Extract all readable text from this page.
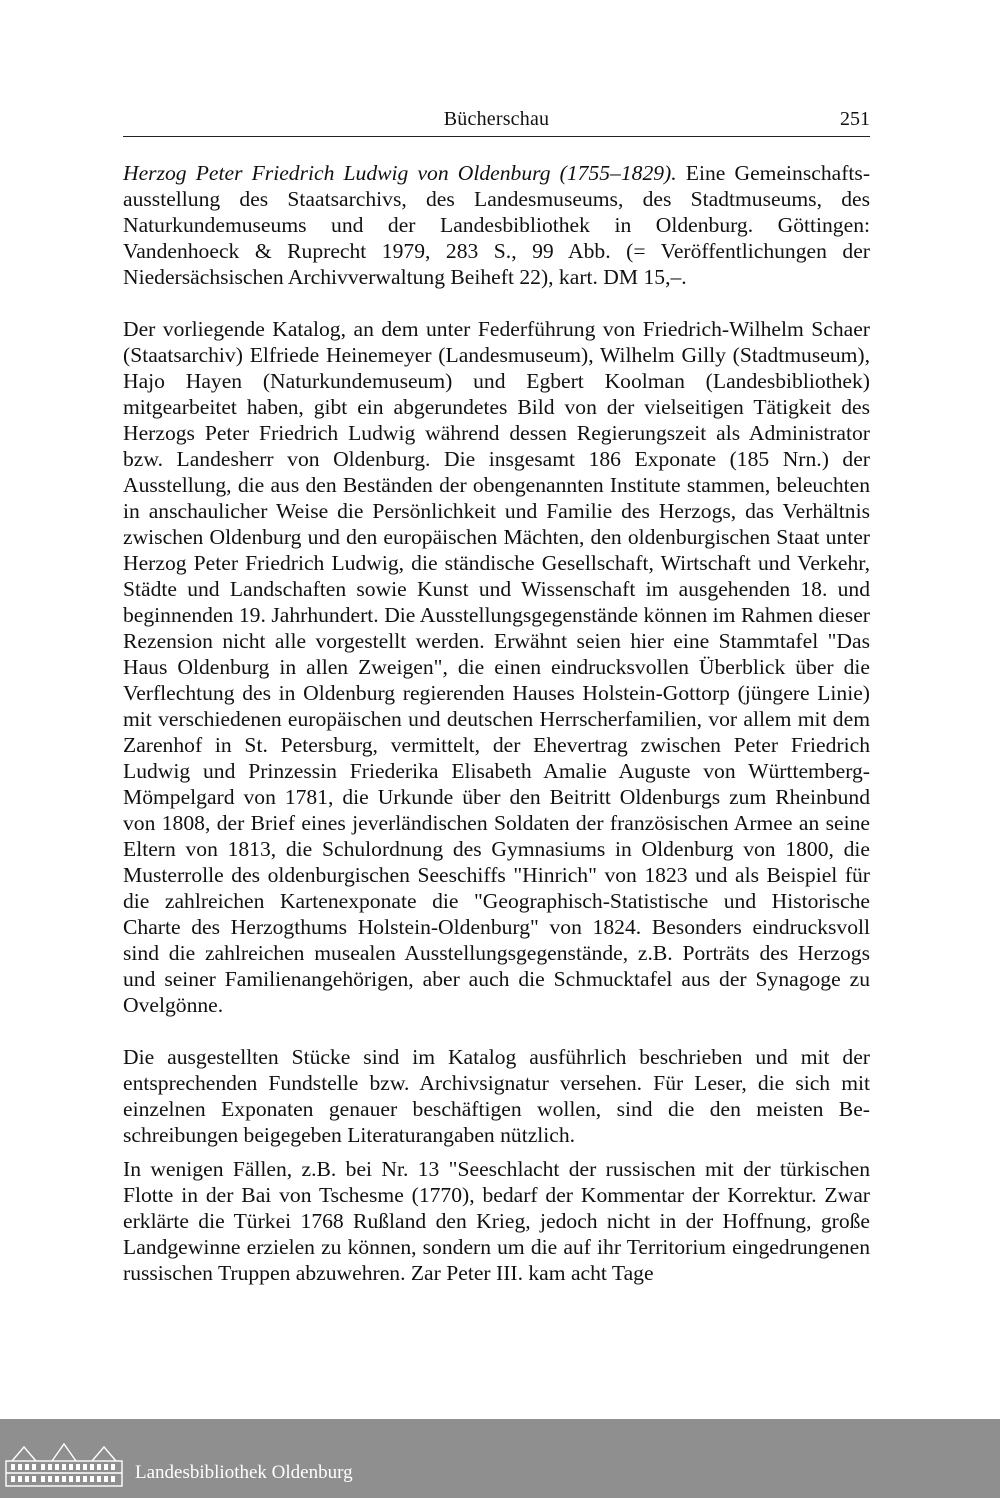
Bücherschau	251

Herzog Peter Friedrich Ludwig von Oldenburg (1755–1829). Eine Gemeinschaftsausstellung des Staatsarchivs, des Landesmuseums, des Stadtmuseums, des Naturkundemuseums und der Landesbibliothek in Oldenburg. Göttingen: Vandenhoeck & Ruprecht 1979, 283 S., 99 Abb. (= Veröffentlichungen der Niedersächsischen Archivverwaltung Beiheft 22), kart. DM 15,–.

Der vorliegende Katalog, an dem unter Federführung von Friedrich-Wilhelm Schaer (Staatsarchiv) Elfriede Heinemeyer (Landesmuseum), Wilhelm Gilly (Stadtmuseum), Hajo Hayen (Naturkundemuseum) und Egbert Koolman (Landesbibliothek) mitgearbeitet haben, gibt ein abgerundetes Bild von der vielseitigen Tätigkeit des Herzogs Peter Friedrich Ludwig während dessen Regierungszeit als Administrator bzw. Landesherr von Oldenburg. Die insgesamt 186 Exponate (185 Nrn.) der Ausstellung, die aus den Beständen der obengenannten Institute stammen, beleuchten in anschaulicher Weise die Persönlichkeit und Familie des Herzogs, das Verhältnis zwischen Oldenburg und den europäischen Mächten, den oldenburgischen Staat unter Herzog Peter Friedrich Ludwig, die ständische Gesellschaft, Wirtschaft und Verkehr, Städte und Landschaften sowie Kunst und Wissenschaft im ausgehenden 18. und beginnenden 19. Jahrhundert. Die Ausstellungsgegenstände können im Rahmen dieser Rezension nicht alle vorgestellt werden. Erwähnt seien hier eine Stammtafel "Das Haus Oldenburg in allen Zweigen", die einen eindrucksvollen Überblick über die Verflechtung des in Oldenburg regierenden Hauses Holstein-Gottorp (jüngere Linie) mit verschiedenen europäischen und deutschen Herrscherfamilien, vor allem mit dem Zarenhof in St. Petersburg, vermittelt, der Ehevertrag zwischen Peter Friedrich Ludwig und Prinzessin Friederika Elisabeth Amalie Auguste von Württemberg-Mömpelgard von 1781, die Urkunde über den Beitritt Oldenburgs zum Rheinbund von 1808, der Brief eines jeverländischen Soldaten der französischen Armee an seine Eltern von 1813, die Schulordnung des Gymnasiums in Oldenburg von 1800, die Musterrolle des oldenburgischen Seeschiffs "Hinrich" von 1823 und als Beispiel für die zahlreichen Kartenexponate die "Geographisch-Statistische und Historische Charte des Herzogthums Holstein-Oldenburg" von 1824. Besonders eindrucksvoll sind die zahlreichen musealen Ausstellungsgegenstände, z.B. Porträts des Herzogs und seiner Familienangehörigen, aber auch die Schmucktafel aus der Synagoge zu Ovelgönne.

Die ausgestellten Stücke sind im Katalog ausführlich beschrieben und mit der entsprechenden Fundstelle bzw. Archivsignatur versehen. Für Leser, die sich mit einzelnen Exponaten genauer beschäftigen wollen, sind die den meisten Beschreibungen beigegeben Literaturangaben nützlich.

In wenigen Fällen, z.B. bei Nr. 13 "Seeschlacht der russischen mit der türkischen Flotte in der Bai von Tschesme (1770), bedarf der Kommentar der Korrektur. Zwar erklärte die Türkei 1768 Rußland den Krieg, jedoch nicht in der Hoffnung, große Landgewinne erzielen zu können, sondern um die auf ihr Territorium eingedrungenen russischen Truppen abzuwehren. Zar Peter III. kam acht Tage

Landesbibliothek Oldenburg
